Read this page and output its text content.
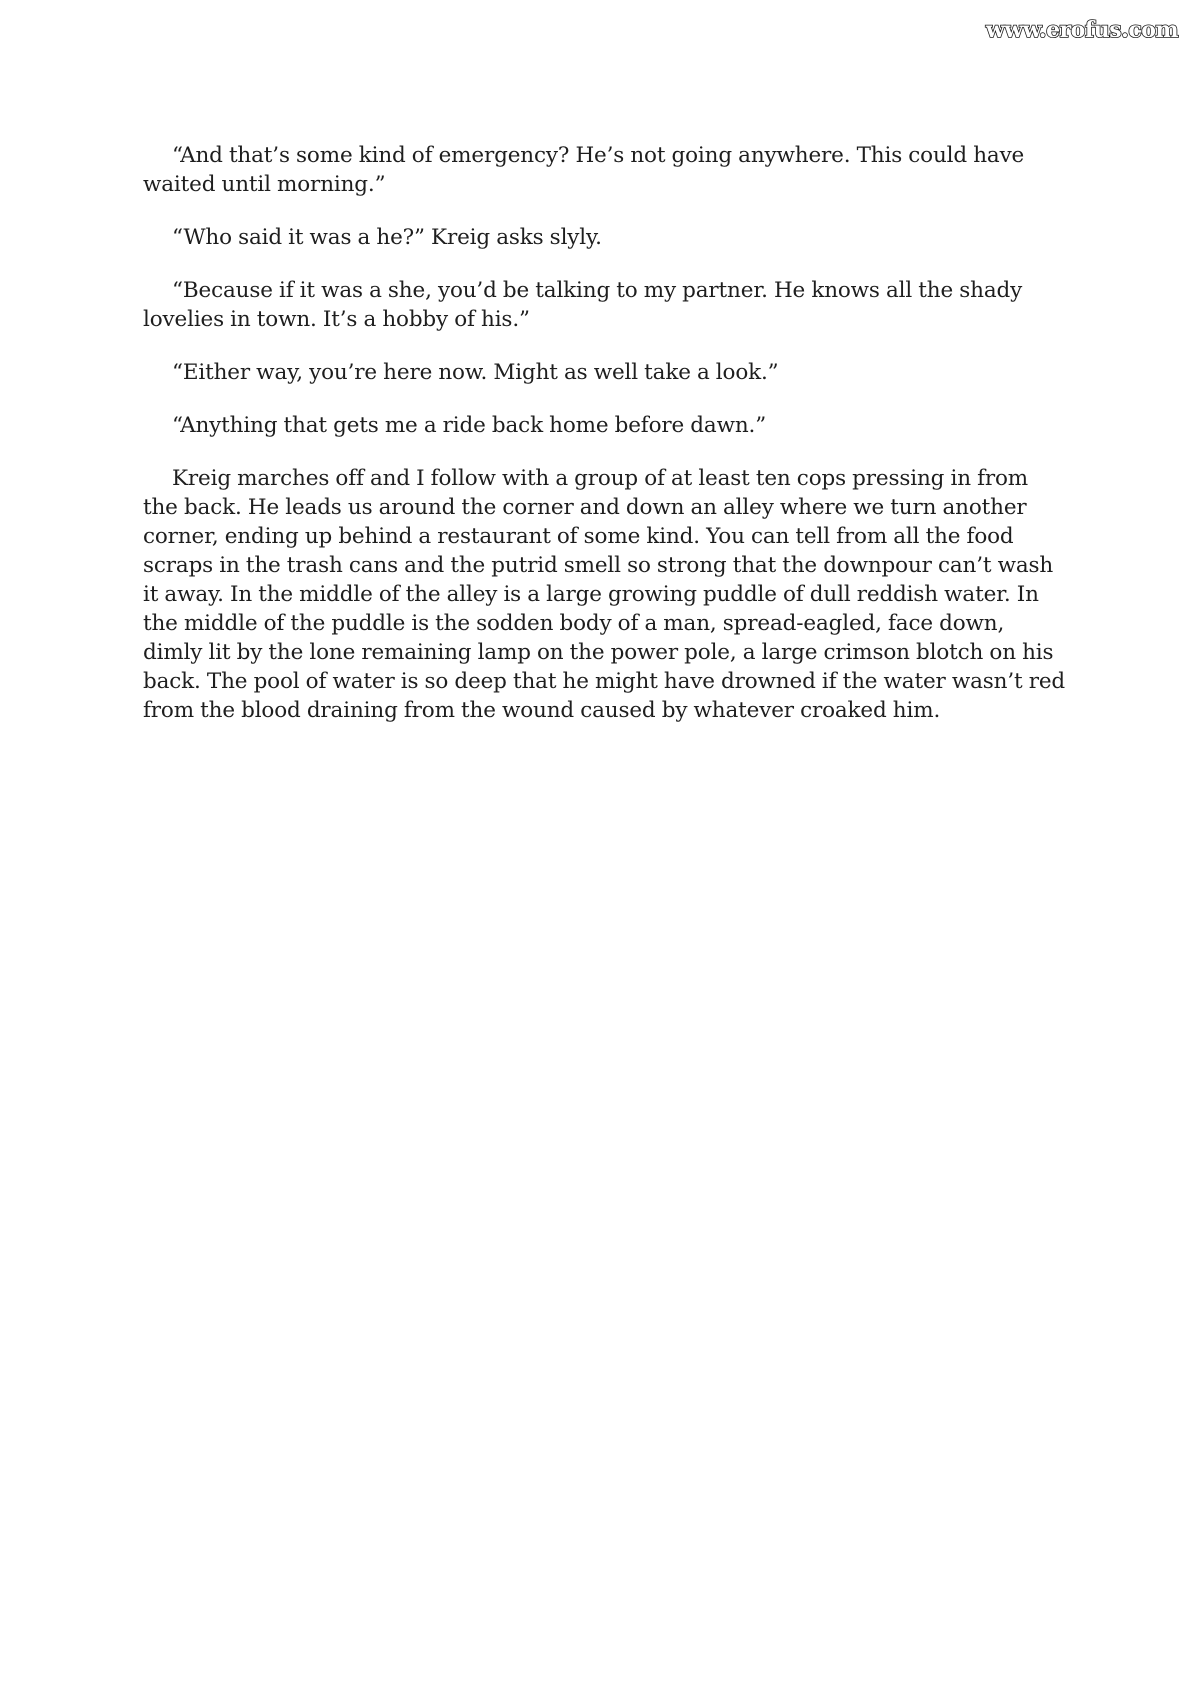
www.erofus.com

“And that’s some kind of emergency? He’s not going anywhere. This could have waited until morning.”

“Who said it was a he?” Kreig asks slyly.

“Because if it was a she, you’d be talking to my partner. He knows all the shady lovelies in town. It’s a hobby of his.”

“Either way, you’re here now. Might as well take a look.”

“Anything that gets me a ride back home before dawn.”

Kreig marches off and I follow with a group of at least ten cops pressing in from the back. He leads us around the corner and down an alley where we turn another corner, ending up behind a restaurant of some kind. You can tell from all the food scraps in the trash cans and the putrid smell so strong that the downpour can’t wash it away. In the middle of the alley is a large growing puddle of dull reddish water. In the middle of the puddle is the sodden body of a man, spread-eagled, face down, dimly lit by the lone remaining lamp on the power pole, a large crimson blotch on his back. The pool of water is so deep that he might have drowned if the water wasn’t red from the blood draining from the wound caused by whatever croaked him.
